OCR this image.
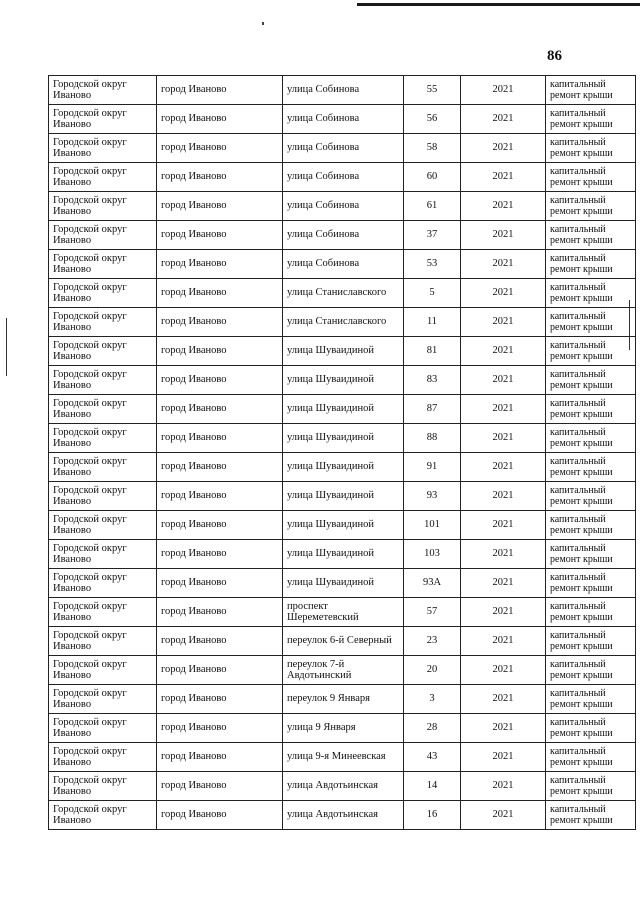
86
Городской округ Иваново	город Иваново	улица Собинова	55	2021	капитальный ремонт крыши
Городской округ Иваново	город Иваново	улица Собинова	56	2021	капитальный ремонт крыши
Городской округ Иваново	город Иваново	улица Собинова	58	2021	капитальный ремонт крыши
Городской округ Иваново	город Иваново	улица Собинова	60	2021	капитальный ремонт крыши
Городской округ Иваново	город Иваново	улица Собинова	61	2021	капитальный ремонт крыши
Городской округ Иваново	город Иваново	улица Собинова	37	2021	капитальный ремонт крыши
Городской округ Иваново	город Иваново	улица Собинова	53	2021	капитальный ремонт крыши
Городской округ Иваново	город Иваново	улица Станиславского	5	2021	капитальный ремонт крыши
Городской округ Иваново	город Иваново	улица Станиславского	11	2021	капитальный ремонт крыши
Городской округ Иваново	город Иваново	улица Шуваидиной	81	2021	капитальный ремонт крыши
Городской округ Иваново	город Иваново	улица Шуваидиной	83	2021	капитальный ремонт крыши
Городской округ Иваново	город Иваново	улица Шуваидиной	87	2021	капитальный ремонт крыши
Городской округ Иваново	город Иваново	улица Шуваидиной	88	2021	капитальный ремонт крыши
Городской округ Иваново	город Иваново	улица Шуваидиной	91	2021	капитальный ремонт крыши
Городской округ Иваново	город Иваново	улица Шуваидиной	93	2021	капитальный ремонт крыши
Городской округ Иваново	город Иваново	улица Шуваидиной	101	2021	капитальный ремонт крыши
Городской округ Иваново	город Иваново	улица Шуваидиной	103	2021	капитальный ремонт крыши
Городской округ Иваново	город Иваново	улица Шуваидиной	93А	2021	капитальный ремонт крыши
Городской округ Иваново	город Иваново	проспект Шереметевский	57	2021	капитальный ремонт крыши
Городской округ Иваново	город Иваново	переулок 6-й Северный	23	2021	капитальный ремонт крыши
Городской округ Иваново	город Иваново	переулок 7-й Авдотьинский	20	2021	капитальный ремонт крыши
Городской округ Иваново	город Иваново	переулок 9 Января	3	2021	капитальный ремонт крыши
Городской округ Иваново	город Иваново	улица 9 Января	28	2021	капитальный ремонт крыши
Городской округ Иваново	город Иваново	улица 9-я Минеевская	43	2021	капитальный ремонт крыши
Городской округ Иваново	город Иваново	улица Авдотьинская	14	2021	капитальный ремонт крыши
Городской округ Иваново	город Иваново	улица Авдотьинская	16	2021	капитальный ремонт крыши
